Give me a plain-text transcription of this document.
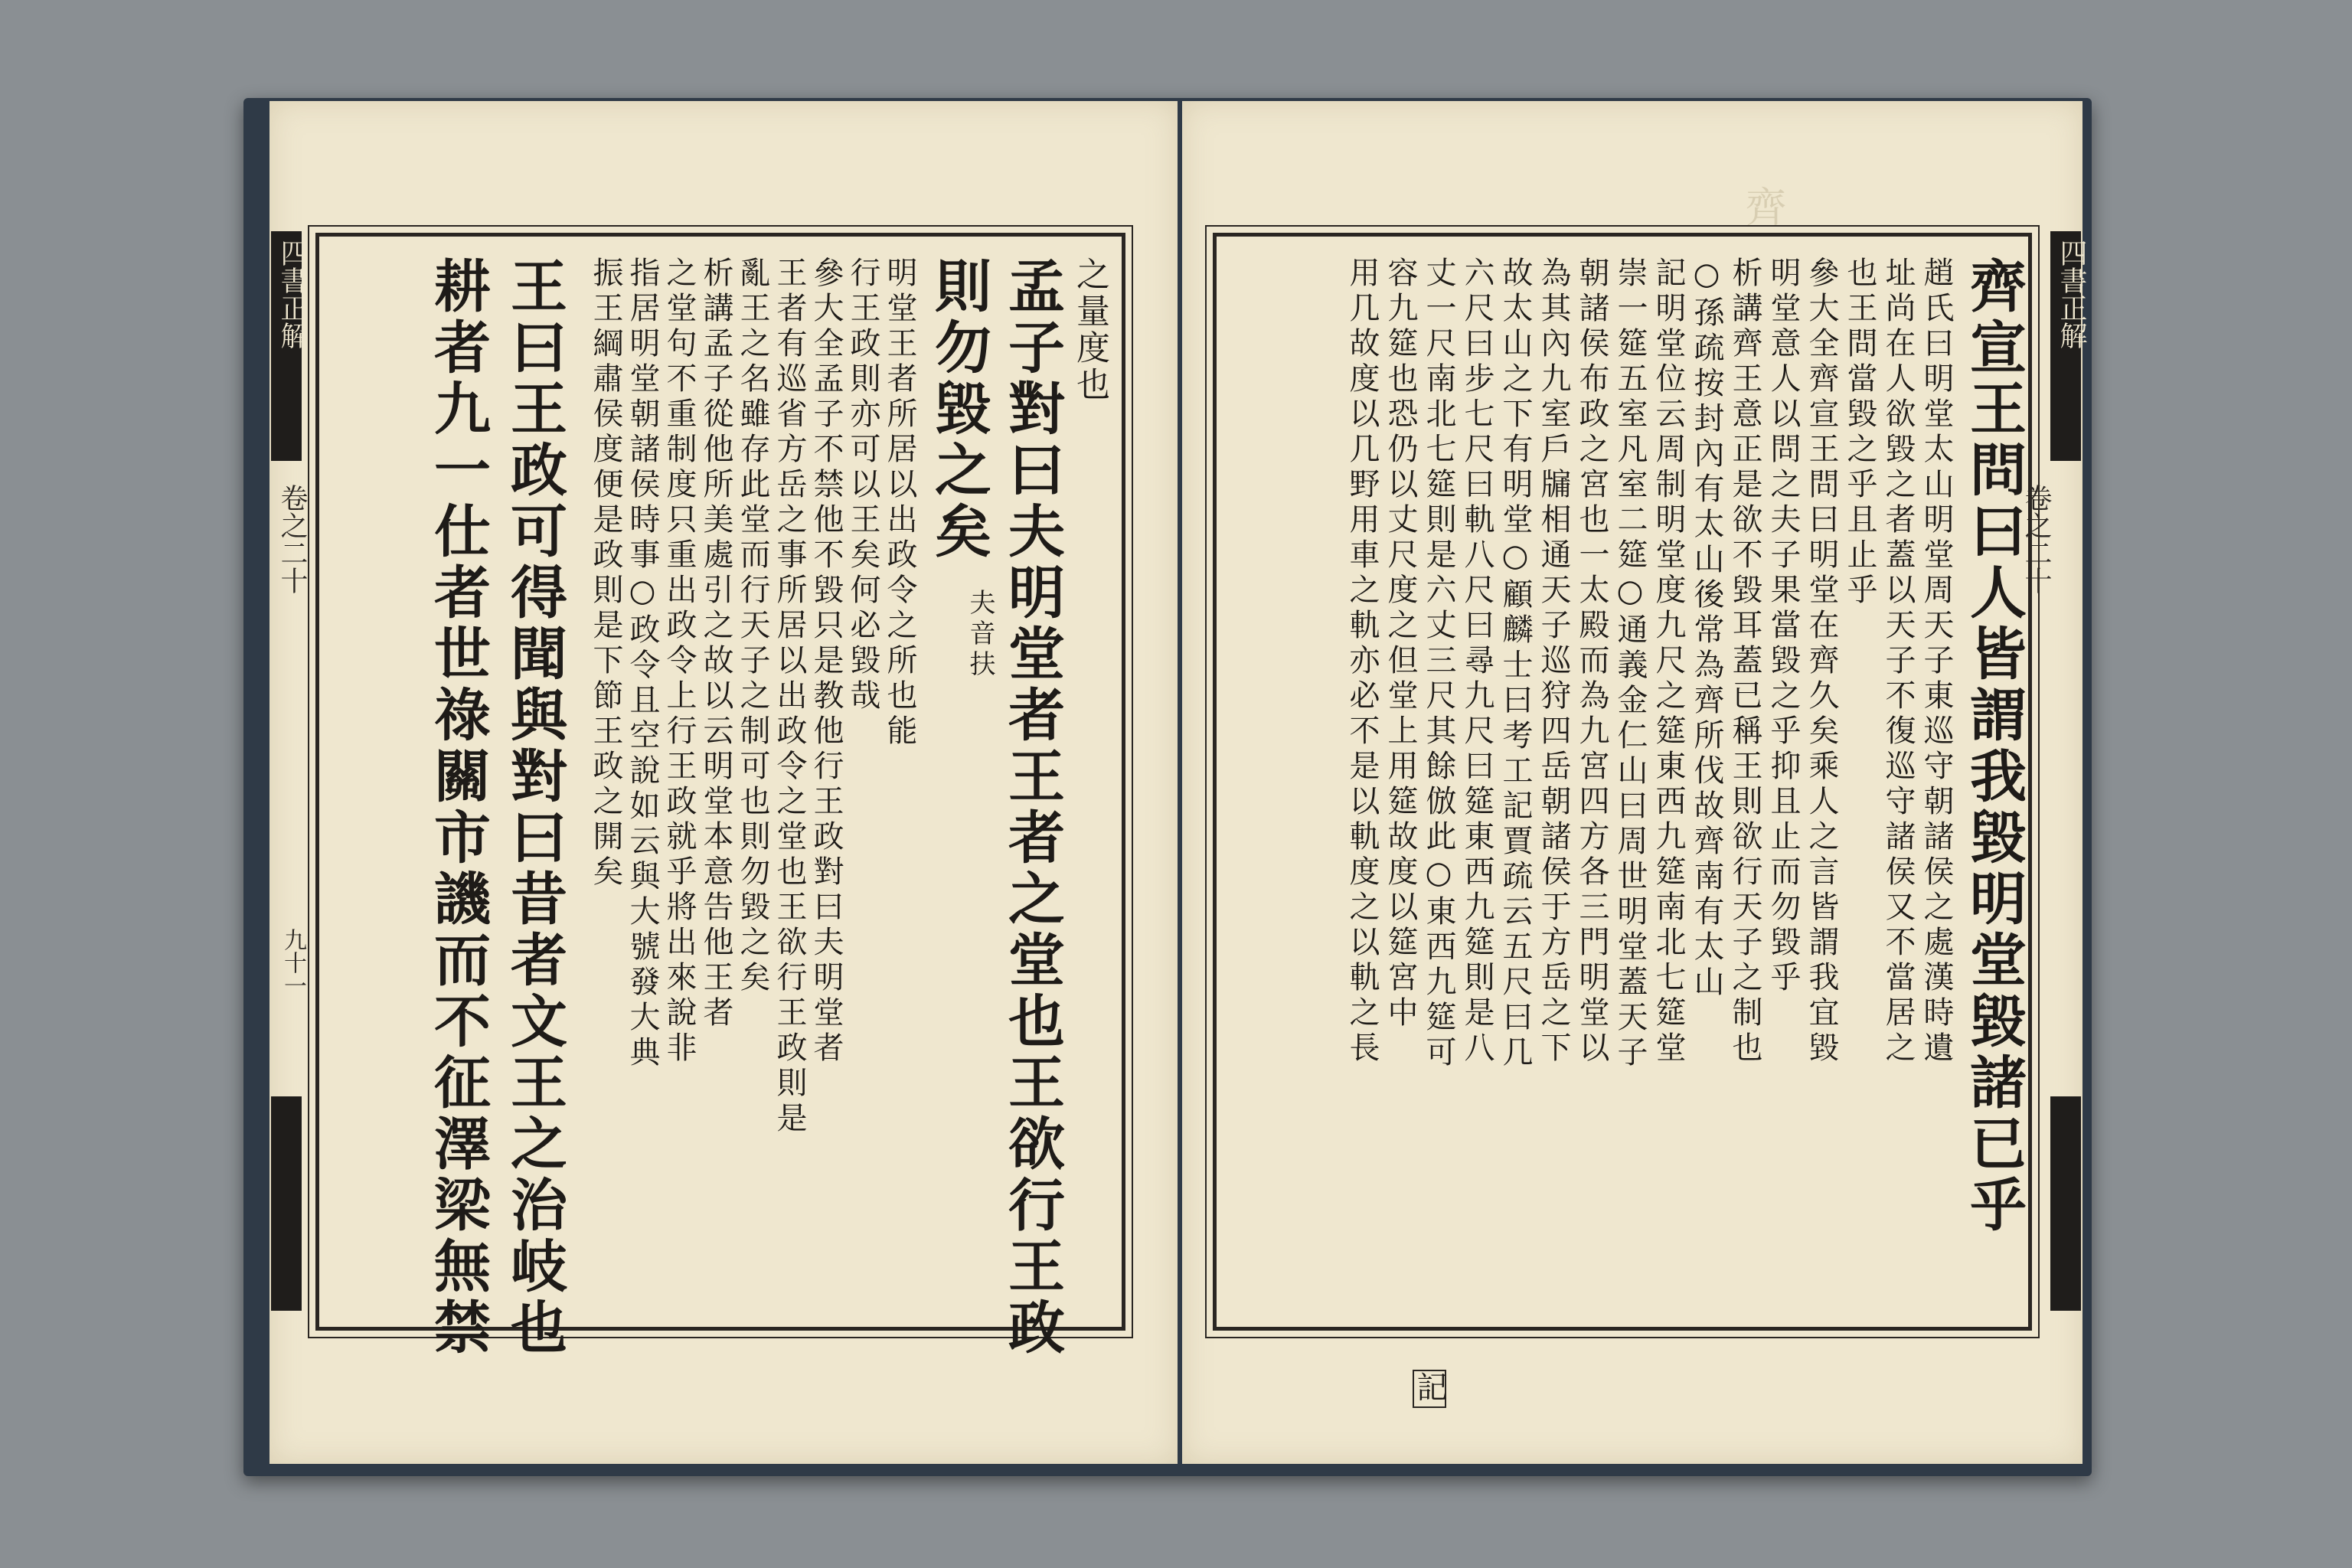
四書正解
卷之二十
之量度也
孟子對曰夫明堂者王者之堂也王欲行王政
則勿毀之矣
夫音扶
明堂王者所居以出政令之所也能
行王政則亦可以王矣何必毀哉
參大全孟子不禁他不毀只是教他行王政對曰夫明堂者
王者有巡省方岳之事所居以出政令之堂也王欲行王政則是
亂王之名雖存此堂而行天子之制可也則勿毀之矣
析講孟子從他所美處引之故以云明堂本意告他王者
之堂句不重制度只重出政令上行王政就乎將出來說非
指居明堂朝諸侯時事○政令且空說如云與大號發大典
振王綱肅侯度便是政則是下節王政之開矣
王曰王政可得聞與對曰昔者文王之治岐也
耕者九一仕者世祿關市譏而不征澤梁無禁
九十一
齊
四書正解
卷之二十
齊宣王問曰人皆謂我毀明堂毀諸已乎
趙氏曰明堂太山明堂周天子東巡守朝諸侯之處漢時遺
址尚在人欲毀之者蓋以天子不復巡守諸侯又不當居之
也王問當毀之乎且止乎
參大全齊宣王問曰明堂在齊久矣乘人之言皆謂我宜毀
明堂意人以問之夫子果當毀之乎抑且止而勿毀乎
析講齊王意正是欲不毀耳蓋已稱王則欲行天子之制也
○孫疏按封內有太山後常為齊所伐故齊南有太山
記明堂位云周制明堂度九尺之筵東西九筵南北七筵堂
崇一筵五室凡室二筵○通義金仁山曰周世明堂蓋天子
朝諸侯布政之宮也一太殿而為九宮四方各三門明堂以
為其內九室戶牖相通天子巡狩四岳朝諸侯于方岳之下
故太山之下有明堂○顧麟士曰考工記賈疏云五尺曰几
六尺曰步七尺曰軌八尺曰尋九尺曰筵東西九筵則是八
丈一尺南北七筵則是六丈三尺其餘倣此○東西九筵可
容九筵也恐仍以丈尺度之但堂上用筵故度以筵宮中
用几故度以几野用車之軌亦必不是以軌度之以軌之長
記
